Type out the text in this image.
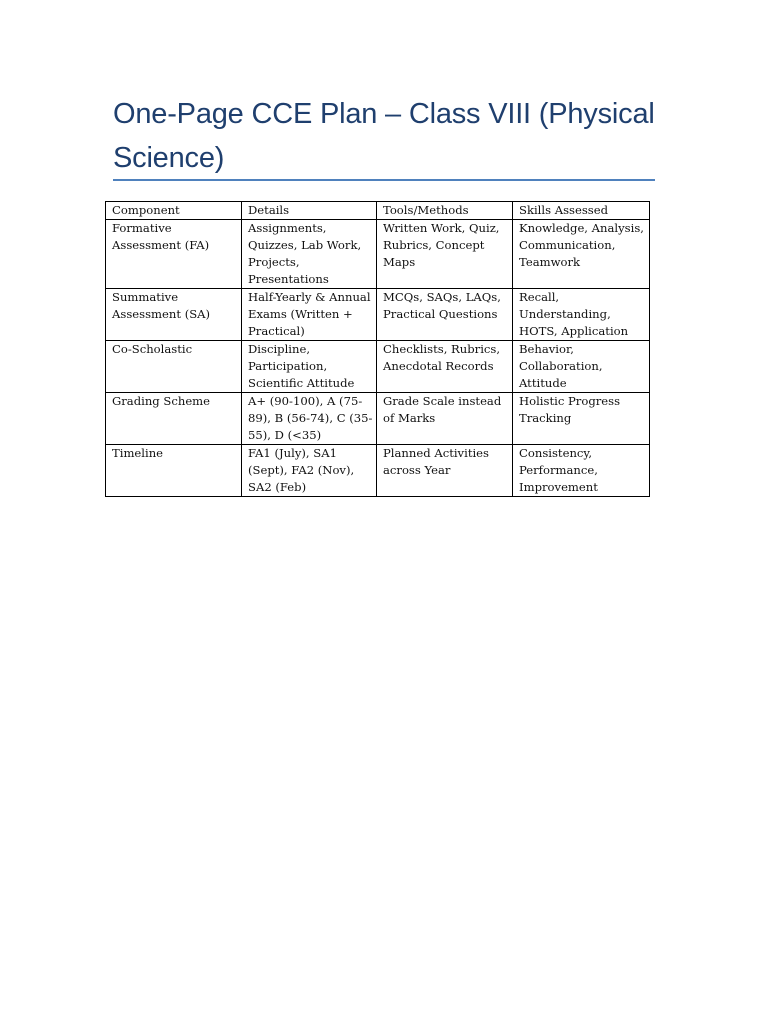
One-Page CCE Plan – Class VIII (Physical Science)
Component	Details	Tools/Methods	Skills Assessed
Formative Assessment (FA)	Assignments, Quizzes, Lab Work, Projects, Presentations	Written Work, Quiz, Rubrics, Concept Maps	Knowledge, Analysis, Communication, Teamwork
Summative Assessment (SA)	Half-Yearly & Annual Exams (Written + Practical)	MCQs, SAQs, LAQs, Practical Questions	Recall, Understanding, HOTS, Application
Co-Scholastic	Discipline, Participation, Scientific Attitude	Checklists, Rubrics, Anecdotal Records	Behavior, Collaboration, Attitude
Grading Scheme	A+ (90-100), A (75-89), B (56-74), C (35-55), D (<35)	Grade Scale instead of Marks	Holistic Progress Tracking
Timeline	FA1 (July), SA1 (Sept), FA2 (Nov), SA2 (Feb)	Planned Activities across Year	Consistency, Performance, Improvement
